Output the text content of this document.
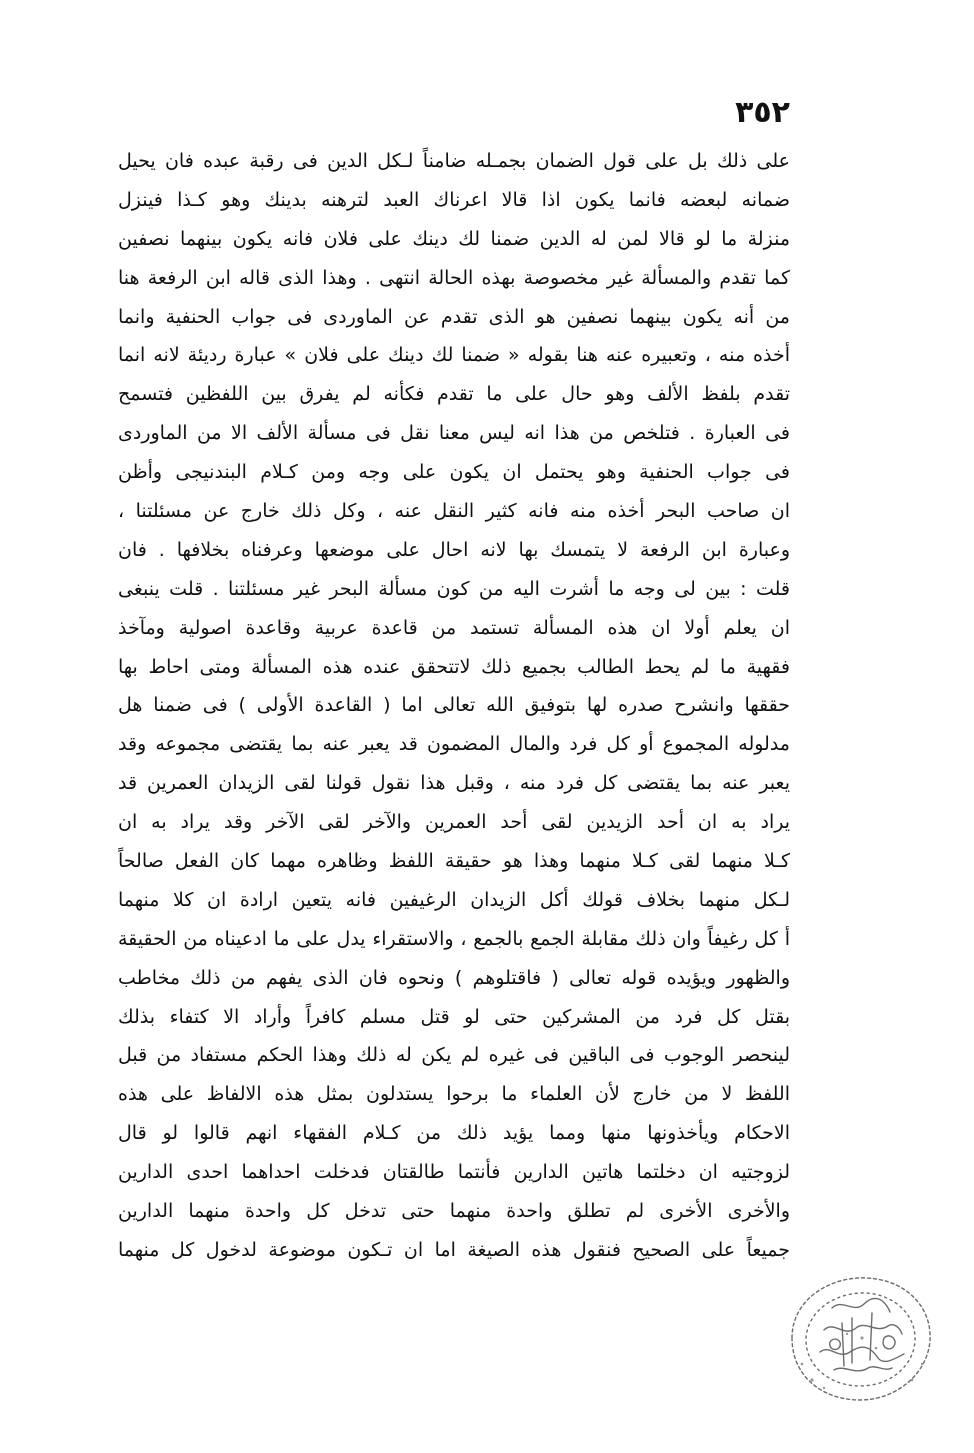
٣٥٢
على ذلك بل على قول الضمان بجمـله ضامناً لـكل الدين فى رقبة عبده فان يحيل
ضمانه لبعضه فانما يكون اذا قالا اعرناك العبد لترهنه بدينك وهو كـذا فينزل
منزلة ما لو قالا لمن له الدين ضمنا لك دينك على فلان فانه يكون بينهما نصفين
كما تقدم والمسألة غير مخصوصة بهذه الحالة انتهى . وهذا الذى قاله ابن الرفعة هنا
من أنه يكون بينهما نصفين هو الذى تقدم عن الماوردى فى جواب الحنفية وانما
أخذه منه ، وتعبيره عنه هنا بقوله « ضمنا لك دينك على فلان » عبارة رديئة لانه انما
تقدم بلفظ الألف وهو حال على ما تقدم فكأنه لم يفرق بين اللفظين فتسمح
فى العبارة . فتلخص من هذا انه ليس معنا نقل فى مسألة الألف الا من الماوردى
فى جواب الحنفية وهو يحتمل ان يكون على وجه ومن كـلام البندنيجى وأظن
ان صاحب البحر أخذه منه فانه كثير النقل عنه ، وكل ذلك خارج عن مسئلتنا ،
وعبارة ابن الرفعة لا يتمسك بها لانه احال على موضعها وعرفناه بخلافها . فان
قلت : بين لى وجه ما أشرت اليه من كون مسألة البحر غير مسئلتنا . قلت ينبغى
ان يعلم أولا ان هذه المسألة تستمد من قاعدة عربية وقاعدة اصولية ومآخذ
فقهية ما لم يحط الطالب بجميع ذلك لاتتحقق عنده هذه المسألة ومتى احاط بها
حققها وانشرح صدره لها بتوفيق الله تعالى اما ( القاعدة الأولى ) فى ضمنا هل
مدلوله المجموع أو كل فرد والمال المضمون قد يعبر عنه بما يقتضى مجموعه وقد
يعبر عنه بما يقتضى كل فرد منه ، وقبل هذا نقول قولنا لقى الزيدان العمرين قد
يراد به ان أحد الزيدين لقى أحد العمرين والآخر لقى الآخر وقد يراد به ان
كـلا منهما لقى كـلا منهما وهذا هو حقيقة اللفظ وظاهره مهما كان الفعل صالحاً
لـكل منهما بخلاف قولك أكل الزيدان الرغيفين فانه يتعين ارادة ان كلا منهما
أ كل رغيفاً وان ذلك مقابلة الجمع بالجمع ، والاستقراء يدل على ما ادعيناه من الحقيقة
والظهور ويؤيده قوله تعالى ( فاقتلوهم ) ونحوه فان الذى يفهم من ذلك مخاطب
بقتل كل فرد من المشركين حتى لو قتل مسلم كافراً وأراد الا كتفاء بذلك
لينحصر الوجوب فى الباقين فى غيره لم يكن له ذلك وهذا الحكم مستفاد من قبل
اللفظ لا من خارج لأن العلماء ما برحوا يستدلون بمثل هذه الالفاظ على هذه
الاحكام ويأخذونها منها ومما يؤيد ذلك من كـلام الفقهاء انهم قالوا لو قال
لزوجتيه ان دخلتما هاتين الدارين فأنتما طالقتان فدخلت احداهما احدى الدارين
والأخرى الأخرى لم تطلق واحدة منهما حتى تدخل كل واحدة منهما الدارين
جميعاً على الصحيح فنقول هذه الصيغة اما ان تـكون موضوعة لدخول كل منهما
